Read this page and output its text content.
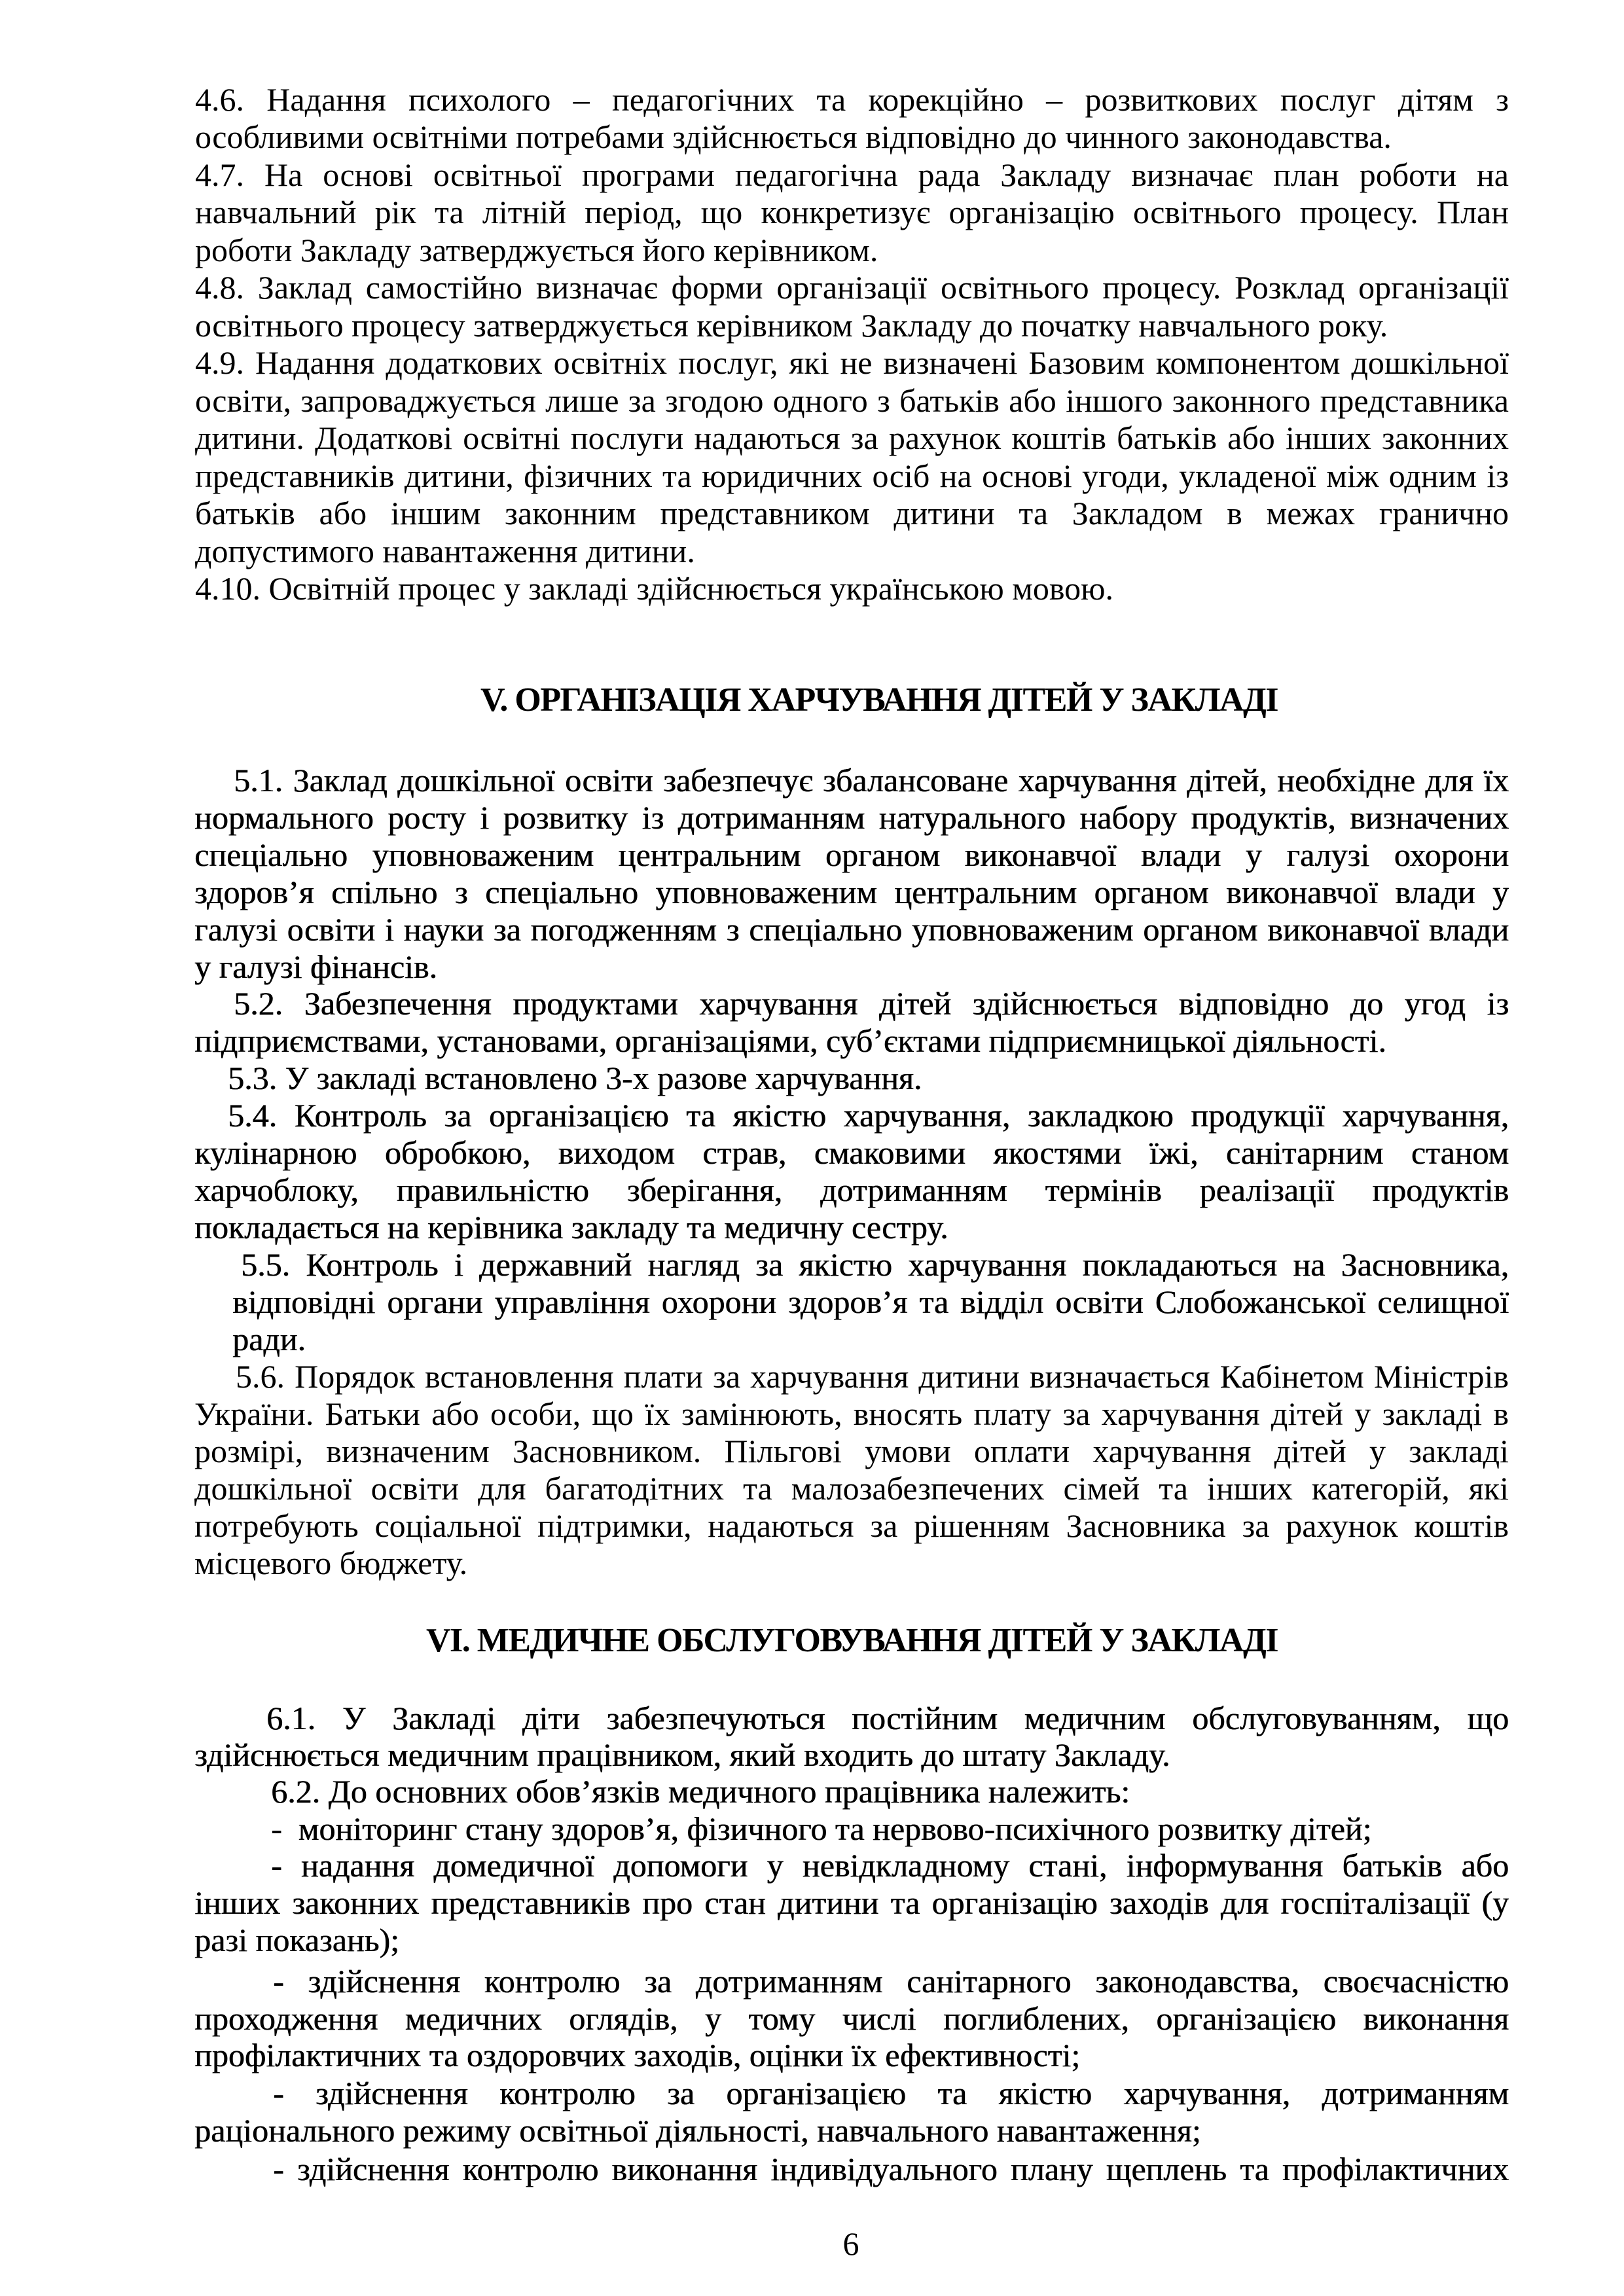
4.6. Надання психолого – педагогічних та корекційно – розвиткових послуг дітям з
особливими освітніми потребами здійснюється відповідно до чинного законодавства.
4.7. На основі освітньої програми педагогічна рада Закладу визначає план роботи на
навчальний рік та літній період, що конкретизує організацію освітнього процесу. План
роботи Закладу затверджується його керівником.
4.8. Заклад самостійно визначає форми організації освітнього процесу. Розклад організації
освітнього процесу затверджується керівником Закладу до початку навчального року.
4.9. Надання додаткових освітніх послуг, які не визначені Базовим компонентом дошкільної
освіти, запроваджується лише за згодою одного з батьків або іншого законного представника
дитини. Додаткові освітні послуги надаються за рахунок коштів батьків або інших законних
представників дитини, фізичних та юридичних осіб на основі угоди, укладеної між одним із
батьків або іншим законним представником дитини та Закладом в межах гранично
допустимого навантаження дитини.
4.10. Освітній процес у закладі здійснюється українською мовою.
V. ОРГАНІЗАЦІЯ ХАРЧУВАННЯ ДІТЕЙ У ЗАКЛАДІ
5.1. Заклад дошкільної освіти забезпечує збалансоване харчування дітей, необхідне для їх
нормального росту і розвитку із дотриманням натурального набору продуктів, визначених
спеціально уповноваженим центральним органом виконавчої влади у галузі охорони
здоров’я спільно з спеціально уповноваженим центральним органом виконавчої влади у
галузі освіти і науки за погодженням з спеціально уповноваженим органом виконавчої влади
у галузі фінансів.
5.2. Забезпечення продуктами харчування дітей здійснюється відповідно до угод із
підприємствами, установами, організаціями, суб’єктами підприємницької діяльності.
5.3. У закладі встановлено 3-х разове харчування.
5.4. Контроль за організацією та якістю харчування, закладкою продукції харчування,
кулінарною обробкою, виходом страв, смаковими якостями їжі, санітарним станом
харчоблоку, правильністю зберігання, дотриманням термінів реалізації продуктів
покладається на керівника закладу та медичну сестру.
5.5. Контроль і державний нагляд за якістю харчування покладаються на Засновника,
відповідні органи управління охорони здоров’я та відділ освіти Слобожанської селищної
ради.
5.6. Порядок встановлення плати за харчування дитини визначається Кабінетом Міністрів
України. Батьки або особи, що їх замінюють, вносять плату за харчування дітей у закладі в
розмірі, визначеним Засновником. Пільгові умови оплати харчування дітей у закладі
дошкільної освіти для багатодітних та малозабезпечених сімей та інших категорій, які
потребують соціальної підтримки, надаються за рішенням Засновника за рахунок коштів
місцевого бюджету.
VI. МЕДИЧНЕ ОБСЛУГОВУВАННЯ ДІТЕЙ У ЗАКЛАДІ
6.1. У Закладі діти забезпечуються постійним медичним обслуговуванням, що
здійснюється медичним працівником, який входить до штату Закладу.
6.2. До основних обов’язків медичного працівника належить:
-  моніторинг стану здоров’я, фізичного та нервово-психічного розвитку дітей;
- надання домедичної допомоги у невідкладному стані, інформування батьків або
інших законних представників про стан дитини та організацію заходів для госпіталізації (у
разі показань);
- здійснення контролю за дотриманням санітарного законодавства, своєчасністю
проходження медичних оглядів, у тому числі поглиблених, організацією виконання
профілактичних та оздоровчих заходів, оцінки їх ефективності;
- здійснення контролю за організацією та якістю харчування, дотриманням
раціонального режиму освітньої діяльності, навчального навантаження;
- здійснення контролю виконання індивідуального плану щеплень та профілактичних
6
